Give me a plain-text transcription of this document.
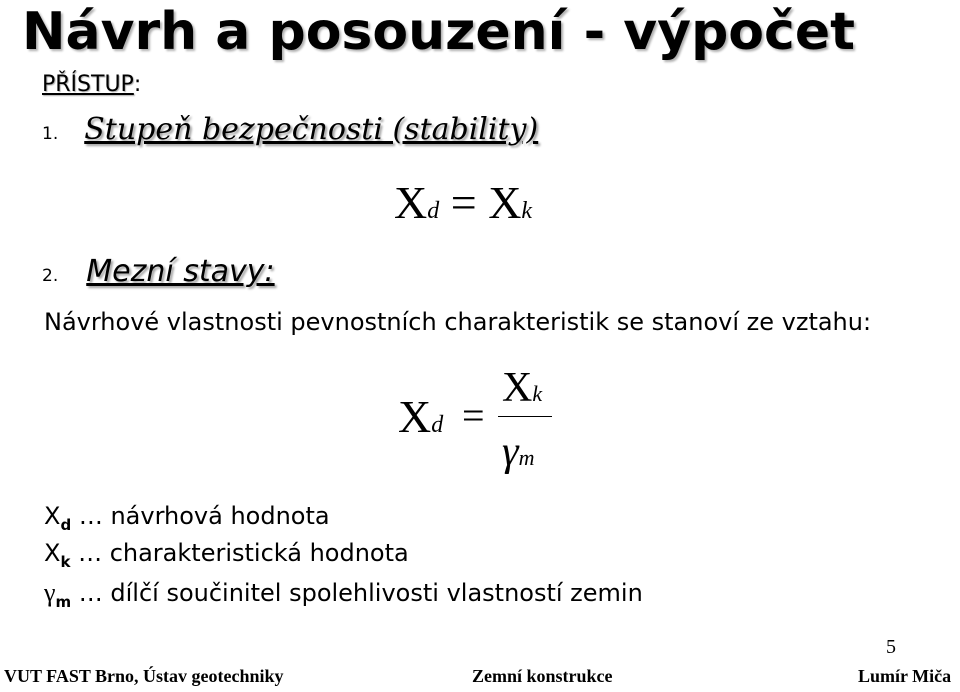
Návrh a posouzení - výpočet
PŘÍSTUP:
1. Stupeň bezpečnosti (stability)
Xd = Xk
2. Mezní stavy:
Návrhové vlastnosti pevnostních charakteristik se stanoví ze vztahu:
Xd =
Xk
γm
$X_d$ … návrhová hodnota
$X_k$ … charakteristická hodnota
$\gamma_m$ … dílčí součinitel spolehlivosti vlastností zemin
5
VUT FAST Brno, Ústav geotechniky	Zemní konstrukce	Lumír Miča
